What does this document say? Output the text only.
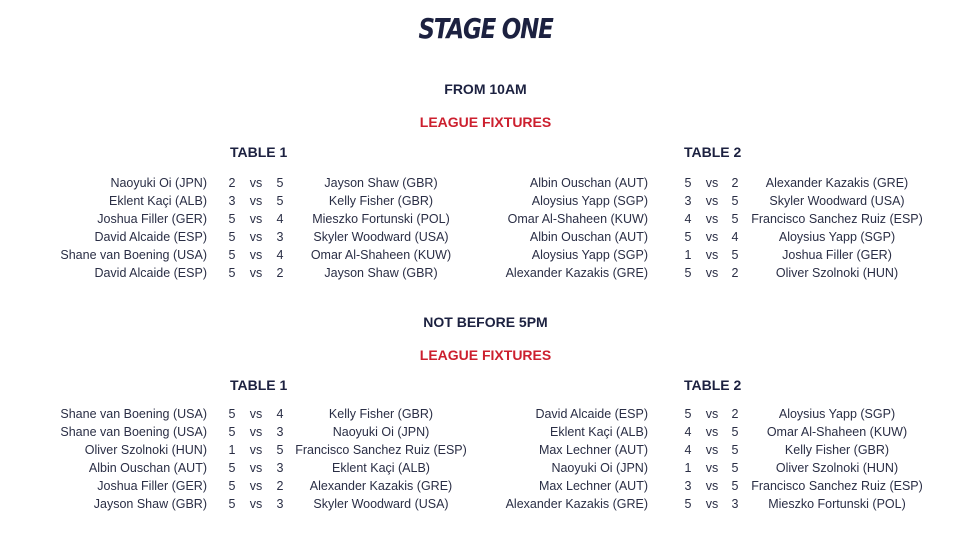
STAGE ONE
FROM 10AM
LEAGUE FIXTURES
TABLE 1	TABLE 2
Naoyuki Oi (JPN)	2	vs	5	Jayson Shaw (GBR)
Eklent Kaçi (ALB)	3	vs	5	Kelly Fisher (GBR)
Joshua Filler (GER)	5	vs	4	Mieszko Fortunski (POL)
David Alcaide (ESP)	5	vs	3	Skyler Woodward (USA)
Shane van Boening (USA)	5	vs	4	Omar Al-Shaheen (KUW)
David Alcaide (ESP)	5	vs	2	Jayson Shaw (GBR)
Albin Ouschan (AUT)	5	vs	2	Alexander Kazakis (GRE)
Aloysius Yapp (SGP)	3	vs	5	Skyler Woodward (USA)
Omar Al-Shaheen (KUW)	4	vs	5	Francisco Sanchez Ruiz (ESP)
Albin Ouschan (AUT)	5	vs	4	Aloysius Yapp (SGP)
Aloysius Yapp (SGP)	1	vs	5	Joshua Filler (GER)
Alexander Kazakis (GRE)	5	vs	2	Oliver Szolnoki (HUN)
NOT BEFORE 5PM
LEAGUE FIXTURES
TABLE 1	TABLE 2
Shane van Boening (USA)	5	vs	4	Kelly Fisher (GBR)
Shane van Boening (USA)	5	vs	3	Naoyuki Oi (JPN)
Oliver Szolnoki (HUN)	1	vs	5 Francisco Sanchez Ruiz (ESP)
Albin Ouschan (AUT)	5	vs	3	Eklent Kaçi (ALB)
Joshua Filler (GER)	5	vs	2	Alexander Kazakis (GRE)
Jayson Shaw (GBR)	5	vs	3	Skyler Woodward (USA)
David Alcaide (ESP)	5	vs	2	Aloysius Yapp (SGP)
Eklent Kaçi (ALB)	4	vs	5	Omar Al-Shaheen (KUW)
Max Lechner (AUT)	4	vs	5	Kelly Fisher (GBR)
Naoyuki Oi (JPN)	1	vs	5	Oliver Szolnoki (HUN)
Max Lechner (AUT)	3	vs	5	Francisco Sanchez Ruiz (ESP)
Alexander Kazakis (GRE)	5	vs	3	Mieszko Fortunski (POL)
